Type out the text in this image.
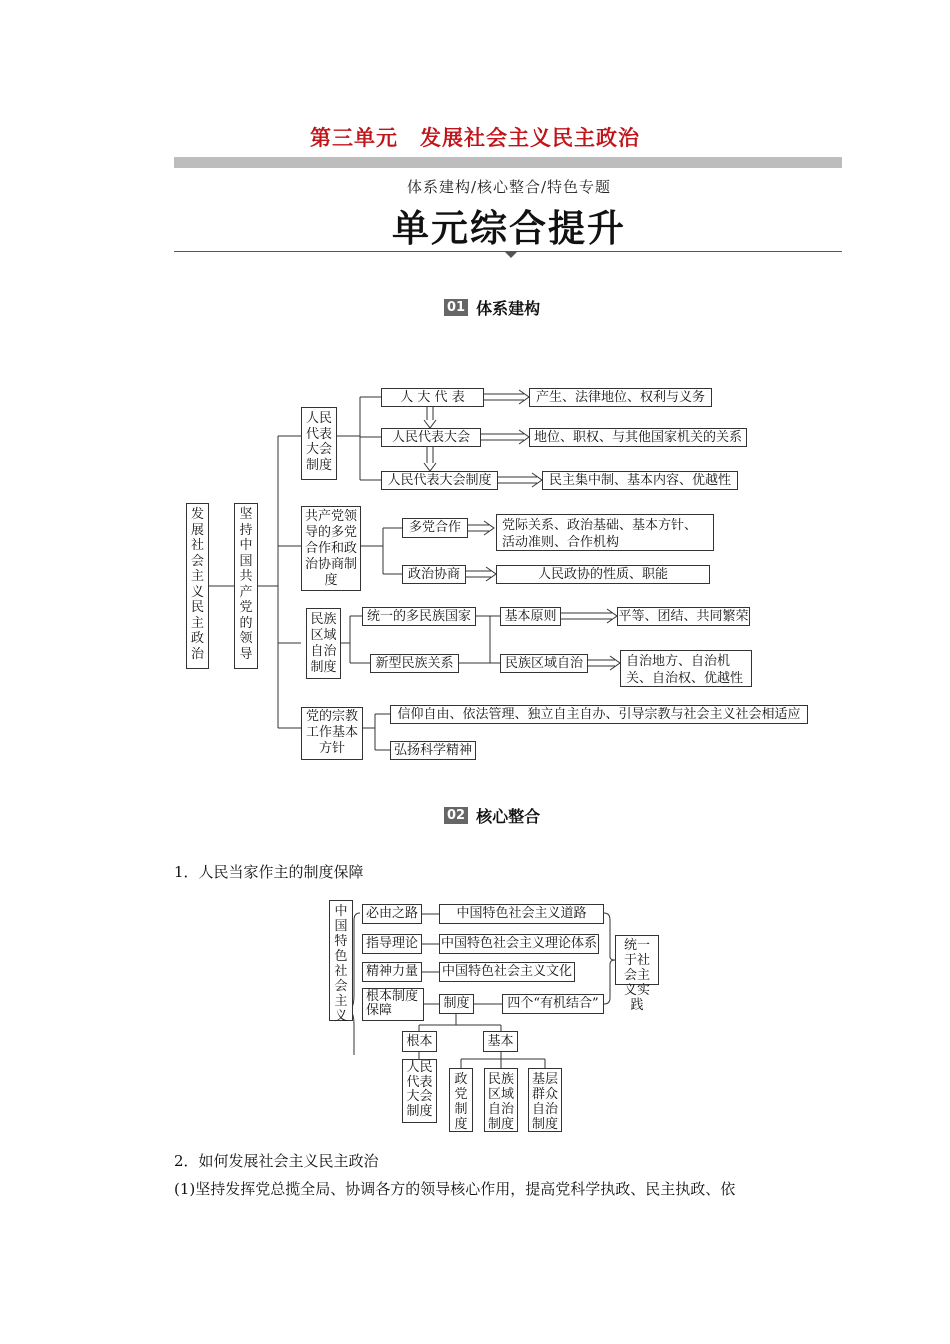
第三单元　发展社会主义民主政治
体系建构/核心整合/特色专题
单元综合提升
01 体系建构
发展社会主义民主政治
坚持中国共产党的领导
人民代表大会制度
人 大 代 表	产生、法律地位、权利与义务
人民代表大会	地位、职权、与其他国家机关的关系
人民代表大会制度	民主集中制、基本内容、优越性
共产党领导的多党合作和政治协商制度
多党合作	党际关系、政治基础、基本方针、活动准则、合作机构
政治协商	人民政协的性质、职能
民族区域自治制度
统一的多民族国家
新型民族关系
基本原则	平等、团结、共同繁荣
民族区域自治	自治地方、自治机关、自治权、优越性
党的宗教工作基本方针
信仰自由、依法管理、独立自主自办、引导宗教与社会主义社会相适应
弘扬科学精神
02 核心整合
1．人民当家作主的制度保障
中国特色社会主义
必由之路	中国特色社会主义道路
指导理论	中国特色社会主义理论体系
精神力量	中国特色社会主义文化
根本制度保障	制度	四个“有机结合”
统一于社会主义实践
根本	基本
人民代表大会制度
政党制度
民族区域自治制度
基层群众自治制度
2．如何发展社会主义民主政治
(1)坚持发挥党总揽全局、协调各方的领导核心作用，提高党科学执政、民主执政、依
